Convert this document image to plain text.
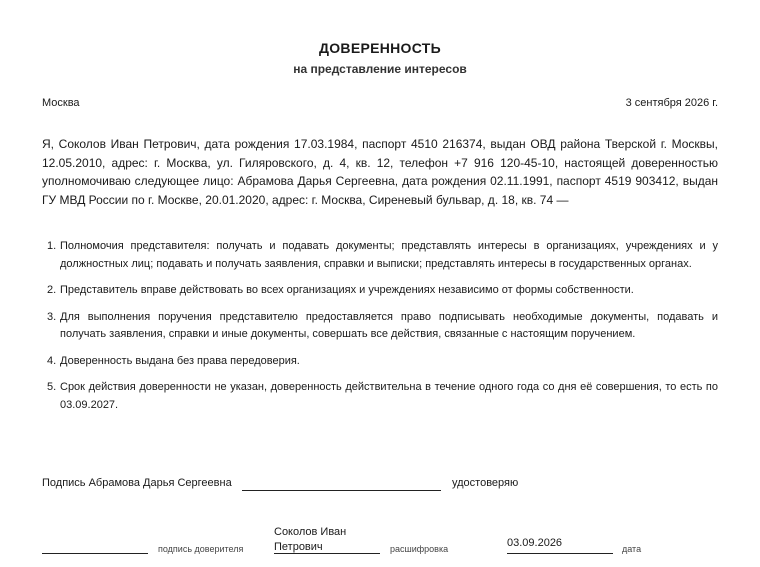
ДОВЕРЕННОСТЬ
на представление интересов
Москва	3 сентября 2026 г.
Я, Соколов Иван Петрович, дата рождения 17.03.1984, паспорт 4510 216374, выдан ОВД района Тверской г. Москвы, 12.05.2010, адрес: г. Москва, ул. Гиляровского, д. 4, кв. 12, телефон +7 916 120-45-10, настоящей доверенностью уполномочиваю следующее лицо: Абрамова Дарья Сергеевна, дата рождения 02.11.1991, паспорт 4519 903412, выдан ГУ МВД России по г. Москве, 20.01.2020, адрес: г. Москва, Сиреневый бульвар, д. 18, кв. 74 —
1. Полномочия представителя: получать и подавать документы; представлять интересы в организациях, учреждениях и у должностных лиц; подавать и получать заявления, справки и выписки; представлять интересы в государственных органах.
2. Представитель вправе действовать во всех организациях и учреждениях независимо от формы собственности.
3. Для выполнения поручения представителю предоставляется право подписывать необходимые документы, подавать и получать заявления, справки и иные документы, совершать все действия, связанные с настоящим поручением.
4. Доверенность выдана без права передоверия.
5. Срок действия доверенности не указан, доверенность действительна в течение одного года со дня её совершения, то есть по 03.09.2027.
Подпись Абрамова Дарья Сергеевна	удостоверяю
подпись доверителя
Соколов Иван Петрович	расшифровка	03.09.2026	дата
